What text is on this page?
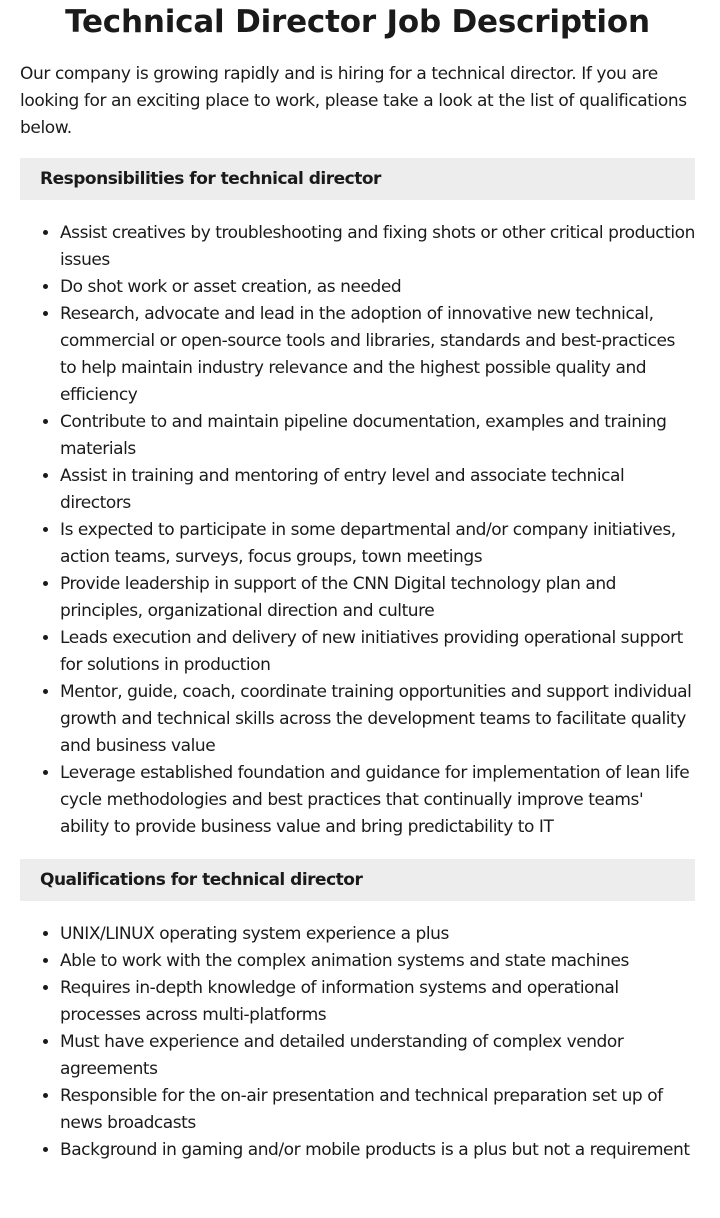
Technical Director Job Description

Our company is growing rapidly and is hiring for a technical director. If you are looking for an exciting place to work, please take a look at the list of qualifications below.

Responsibilities for technical director
• Assist creatives by troubleshooting and fixing shots or other critical production issues
• Do shot work or asset creation, as needed
• Research, advocate and lead in the adoption of innovative new technical, commercial or open-source tools and libraries, standards and best-practices to help maintain industry relevance and the highest possible quality and efficiency
• Contribute to and maintain pipeline documentation, examples and training materials
• Assist in training and mentoring of entry level and associate technical directors
• Is expected to participate in some departmental and/or company initiatives, action teams, surveys, focus groups, town meetings
• Provide leadership in support of the CNN Digital technology plan and principles, organizational direction and culture
• Leads execution and delivery of new initiatives providing operational support for solutions in production
• Mentor, guide, coach, coordinate training opportunities and support individual growth and technical skills across the development teams to facilitate quality and business value
• Leverage established foundation and guidance for implementation of lean life cycle methodologies and best practices that continually improve teams' ability to provide business value and bring predictability to IT
Qualifications for technical director
• UNIX/LINUX operating system experience a plus
• Able to work with the complex animation systems and state machines
• Requires in-depth knowledge of information systems and operational processes across multi-platforms
• Must have experience and detailed understanding of complex vendor agreements
• Responsible for the on-air presentation and technical preparation set up of news broadcasts
• Background in gaming and/or mobile products is a plus but not a requirement
